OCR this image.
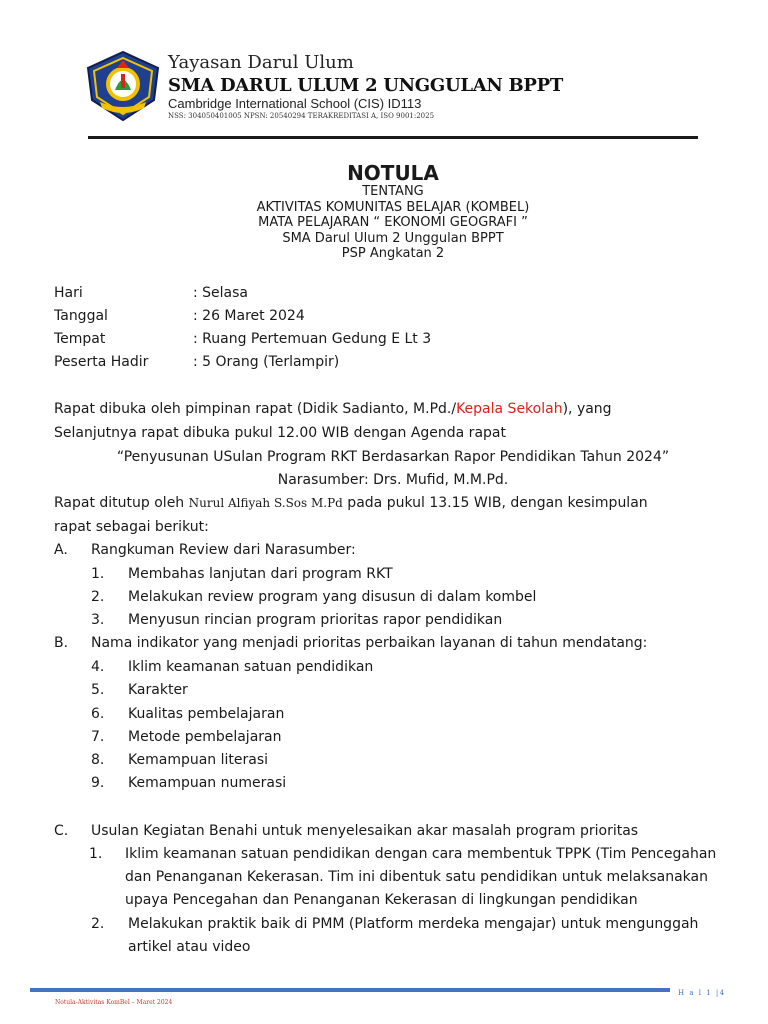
Yayasan Darul Ulum
SMA DARUL ULUM 2 UNGGULAN BPPT
Cambridge International School (CIS) ID113
NSS: 304050401005 NPSN: 20540294 TERAKREDITASI A, ISO 9001:2025
NOTULA
TENTANG
AKTIVITAS KOMUNITAS BELAJAR (KOMBEL)
MATA PELAJARAN “ EKONOMI GEOGRAFI ”
SMA Darul Ulum 2 Unggulan BPPT
PSP Angkatan 2
Hari	: Selasa
Tanggal	: 26 Maret 2024
Tempat	: Ruang Pertemuan Gedung E Lt 3
Peserta Hadir	: 5 Orang (Terlampir)
Rapat dibuka oleh pimpinan rapat (Didik Sadianto, M.Pd./Kepala Sekolah), yang
Selanjutnya rapat dibuka pukul 12.00 WIB dengan Agenda rapat
“Penyusunan USulan Program RKT Berdasarkan Rapor Pendidikan Tahun 2024”
Narasumber: Drs. Mufid, M.M.Pd.
Rapat ditutup oleh Nurul Alfiyah S.Sos M.Pd pada pukul 13.15 WIB, dengan kesimpulan
rapat sebagai berikut:
A. Rangkuman Review dari Narasumber:
1. Membahas lanjutan dari program RKT
2. Melakukan review program yang disusun di dalam kombel
3. Menyusun rincian program prioritas rapor pendidikan
B. Nama indikator yang menjadi prioritas perbaikan layanan di tahun mendatang:
4. Iklim keamanan satuan pendidikan
5. Karakter
6. Kualitas pembelajaran
7. Metode pembelajaran
8. Kemampuan literasi
9. Kemampuan numerasi
C. Usulan Kegiatan Benahi untuk menyelesaikan akar masalah program prioritas
1. Iklim keamanan satuan pendidikan dengan cara membentuk TPPK (Tim Pencegahan
dan Penanganan Kekerasan. Tim ini dibentuk satu pendidikan untuk melaksanakan
upaya Pencegahan dan Penanganan Kekerasan di lingkungan pendidikan
2. Melakukan praktik baik di PMM (Platform merdeka mengajar) untuk mengunggah
artikel atau video
H a l 1 |4
Notula-Aktivitas KomBel – Maret 2024
